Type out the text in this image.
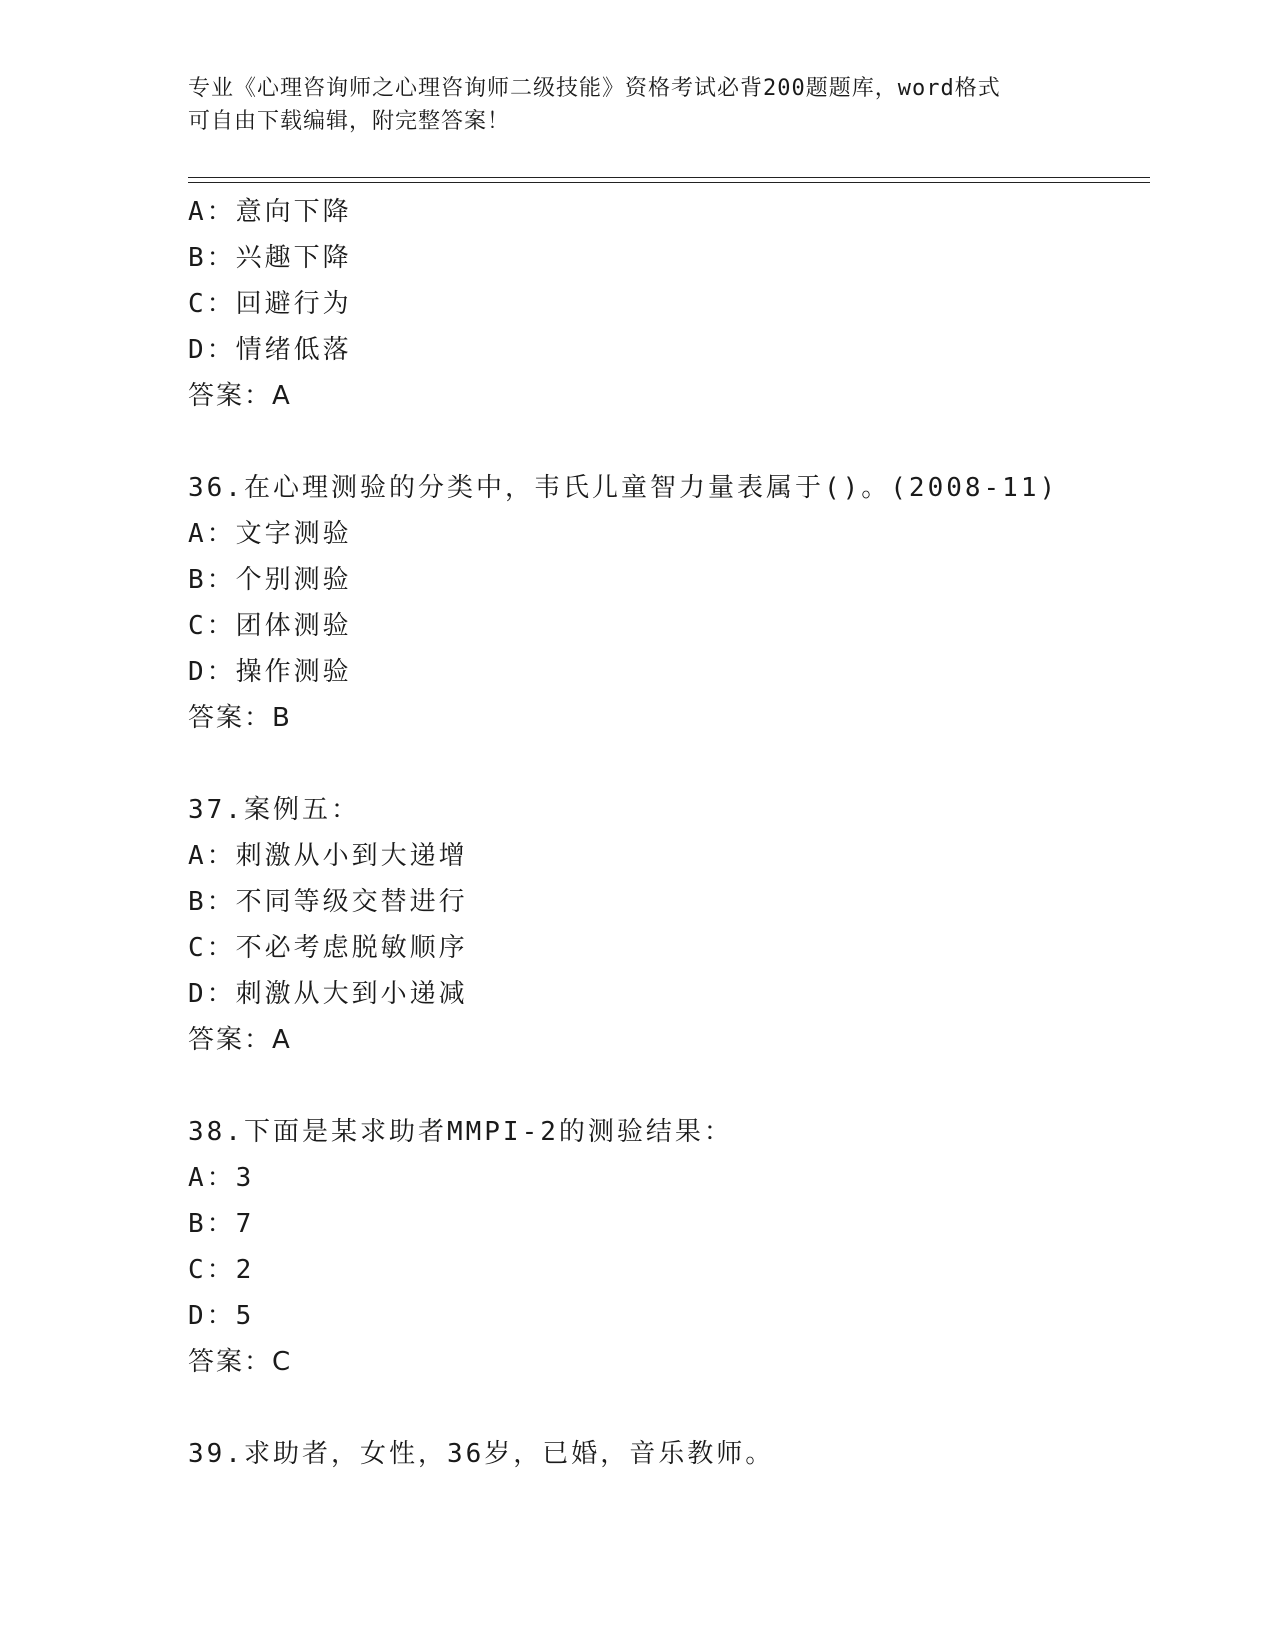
专业《心理咨询师之心理咨询师二级技能》资格考试必背200题题库，word格式
可自由下载编辑，附完整答案！
A：意向下降
B：兴趣下降
C：回避行为
D：情绪低落
答案：A
36.在心理测验的分类中，韦氏儿童智力量表属于()。(2008-11)
A：文字测验
B：个别测验
C：团体测验
D：操作测验
答案：B
37.案例五：
A：刺激从小到大递增
B：不同等级交替进行
C：不必考虑脱敏顺序
D：刺激从大到小递减
答案：A
38.下面是某求助者MMPI-2的测验结果：
A：3
B：7
C：2
D：5
答案：C
39.求助者，女性，36岁，已婚，音乐教师。
